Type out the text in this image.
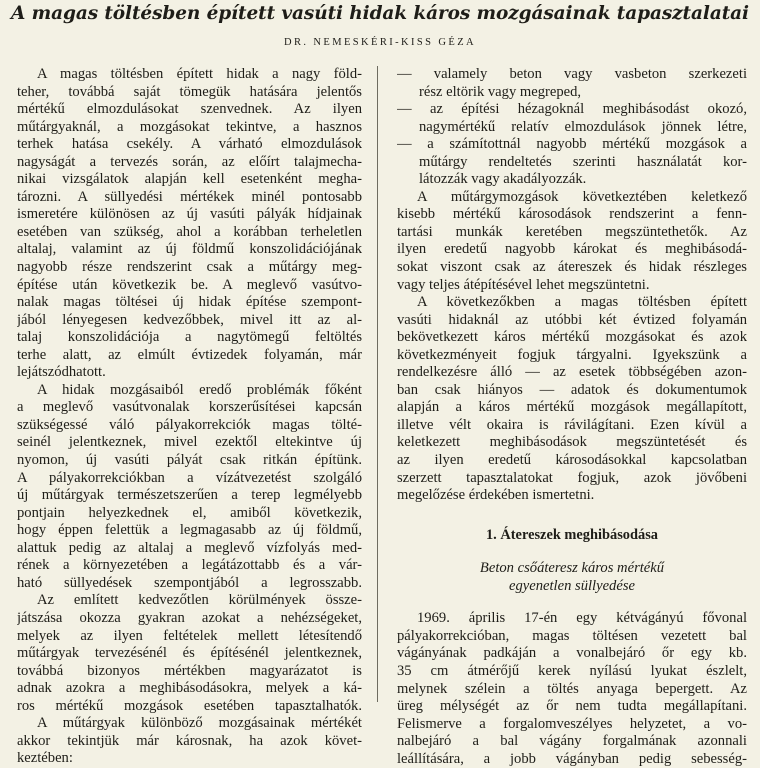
A magas töltésben épített vasúti hidak káros mozgásainak tapasztalatai
DR. NEMESKÉRI-KISS GÉZA
A magas töltésben épített hidak a nagy föld-
teher, továbbá saját tömegük hatására jelentős
mértékű elmozdulásokat szenvednek. Az ilyen
műtárgyaknál, a mozgásokat tekintve, a hasznos
terhek hatása csekély. A várható elmozdulások
nagyságát a tervezés során, az előírt talajmecha-
nikai vizsgálatok alapján kell esetenként megha-
tározni. A süllyedési mértékek minél pontosabb
ismeretére különösen az új vasúti pályák hídjainak
esetében van szükség, ahol a korábban terheletlen
altalaj, valamint az új földmű konszolidációjának
nagyobb része rendszerint csak a műtárgy meg-
építése után következik be. A meglevő vasútvo-
nalak magas töltései új hidak építése szempont-
jából lényegesen kedvezőbbek, mivel itt az al-
talaj konszolidációja a nagytömegű feltöltés
terhe alatt, az elmúlt évtizedek folyamán, már
lejátszódhatott.
A hidak mozgásaiból eredő problémák főként
a meglevő vasútvonalak korszerűsítései kapcsán
szükségessé váló pályakorrekciók magas tölté-
seinél jelentkeznek, mivel ezektől eltekintve új
nyomon, új vasúti pályát csak ritkán építünk.
A pályakorrekciókban a vízátvezetést szolgáló
új műtárgyak természetszerűen a terep legmélyebb
pontjain helyezkednek el, amiből következik,
hogy éppen felettük a legmagasabb az új földmű,
alattuk pedig az altalaj a meglevő vízfolyás med-
rének a környezetében a legátázottabb és a vár-
ható süllyedések szempontjából a legrosszabb.
Az említett kedvezőtlen körülmények össze-
játszása okozza gyakran azokat a nehézségeket,
melyek az ilyen feltételek mellett létesítendő
műtárgyak tervezésénél és építésénél jelentkeznek,
továbbá bizonyos mértékben magyarázatot is
adnak azokra a meghibásodásokra, melyek a ká-
ros mértékű mozgások esetében tapasztalhatók.
A műtárgyak különböző mozgásainak mértékét
akkor tekintjük már károsnak, ha azok követ-
keztében:
— valamely beton vagy vasbeton szerkezeti
rész eltörik vagy megreped,
— az építési hézagoknál meghibásodást okozó,
nagymértékű relatív elmozdulások jönnek létre,
— a számítottnál nagyobb mértékű mozgások a
műtárgy rendeltetés szerinti használatát kor-
látozzák vagy akadályozzák.
A műtárgymozgások következtében keletkező
kisebb mértékű károsodások rendszerint a fenn-
tartási munkák keretében megszüntethetők. Az
ilyen eredetű nagyobb károkat és meghibásodá-
sokat viszont csak az átereszek és hidak részleges
vagy teljes átépítésével lehet megszüntetni.
A következőkben a magas töltésben épített
vasúti hidaknál az utóbbi két évtized folyamán
bekövetkezett káros mértékű mozgásokat és azok
következményeit fogjuk tárgyalni. Igyekszünk a
rendelkezésre álló — az esetek többségében azon-
ban csak hiányos — adatok és dokumentumok
alapján a káros mértékű mozgások megállapított,
illetve vélt okaira is rávilágítani. Ezen kívül a
keletkezett meghibásodások megszüntetését és
az ilyen eredetű károsodásokkal kapcsolatban
szerzett tapasztalatokat fogjuk, azok jövőbeni
megelőzése érdekében ismertetni.
1. Átereszek meghibásodása
Beton csőáteresz káros mértékű
egyenetlen süllyedése
1969. április 17-én egy kétvágányú fővonal
pályakorrekcióban, magas töltésen vezetett bal
vágányának padkáján a vonalbejáró őr egy kb.
35 cm átmérőjű kerek nyílású lyukat észlelt,
melynek szélein a töltés anyaga bepergett. Az
üreg mélységét az őr nem tudta megállapítani.
Felismerve a forgalomveszélyes helyzetet, a vo-
nalbejáró a bal vágány forgalmának azonnali
leállítására, a jobb vágányban pedig sebesség-
